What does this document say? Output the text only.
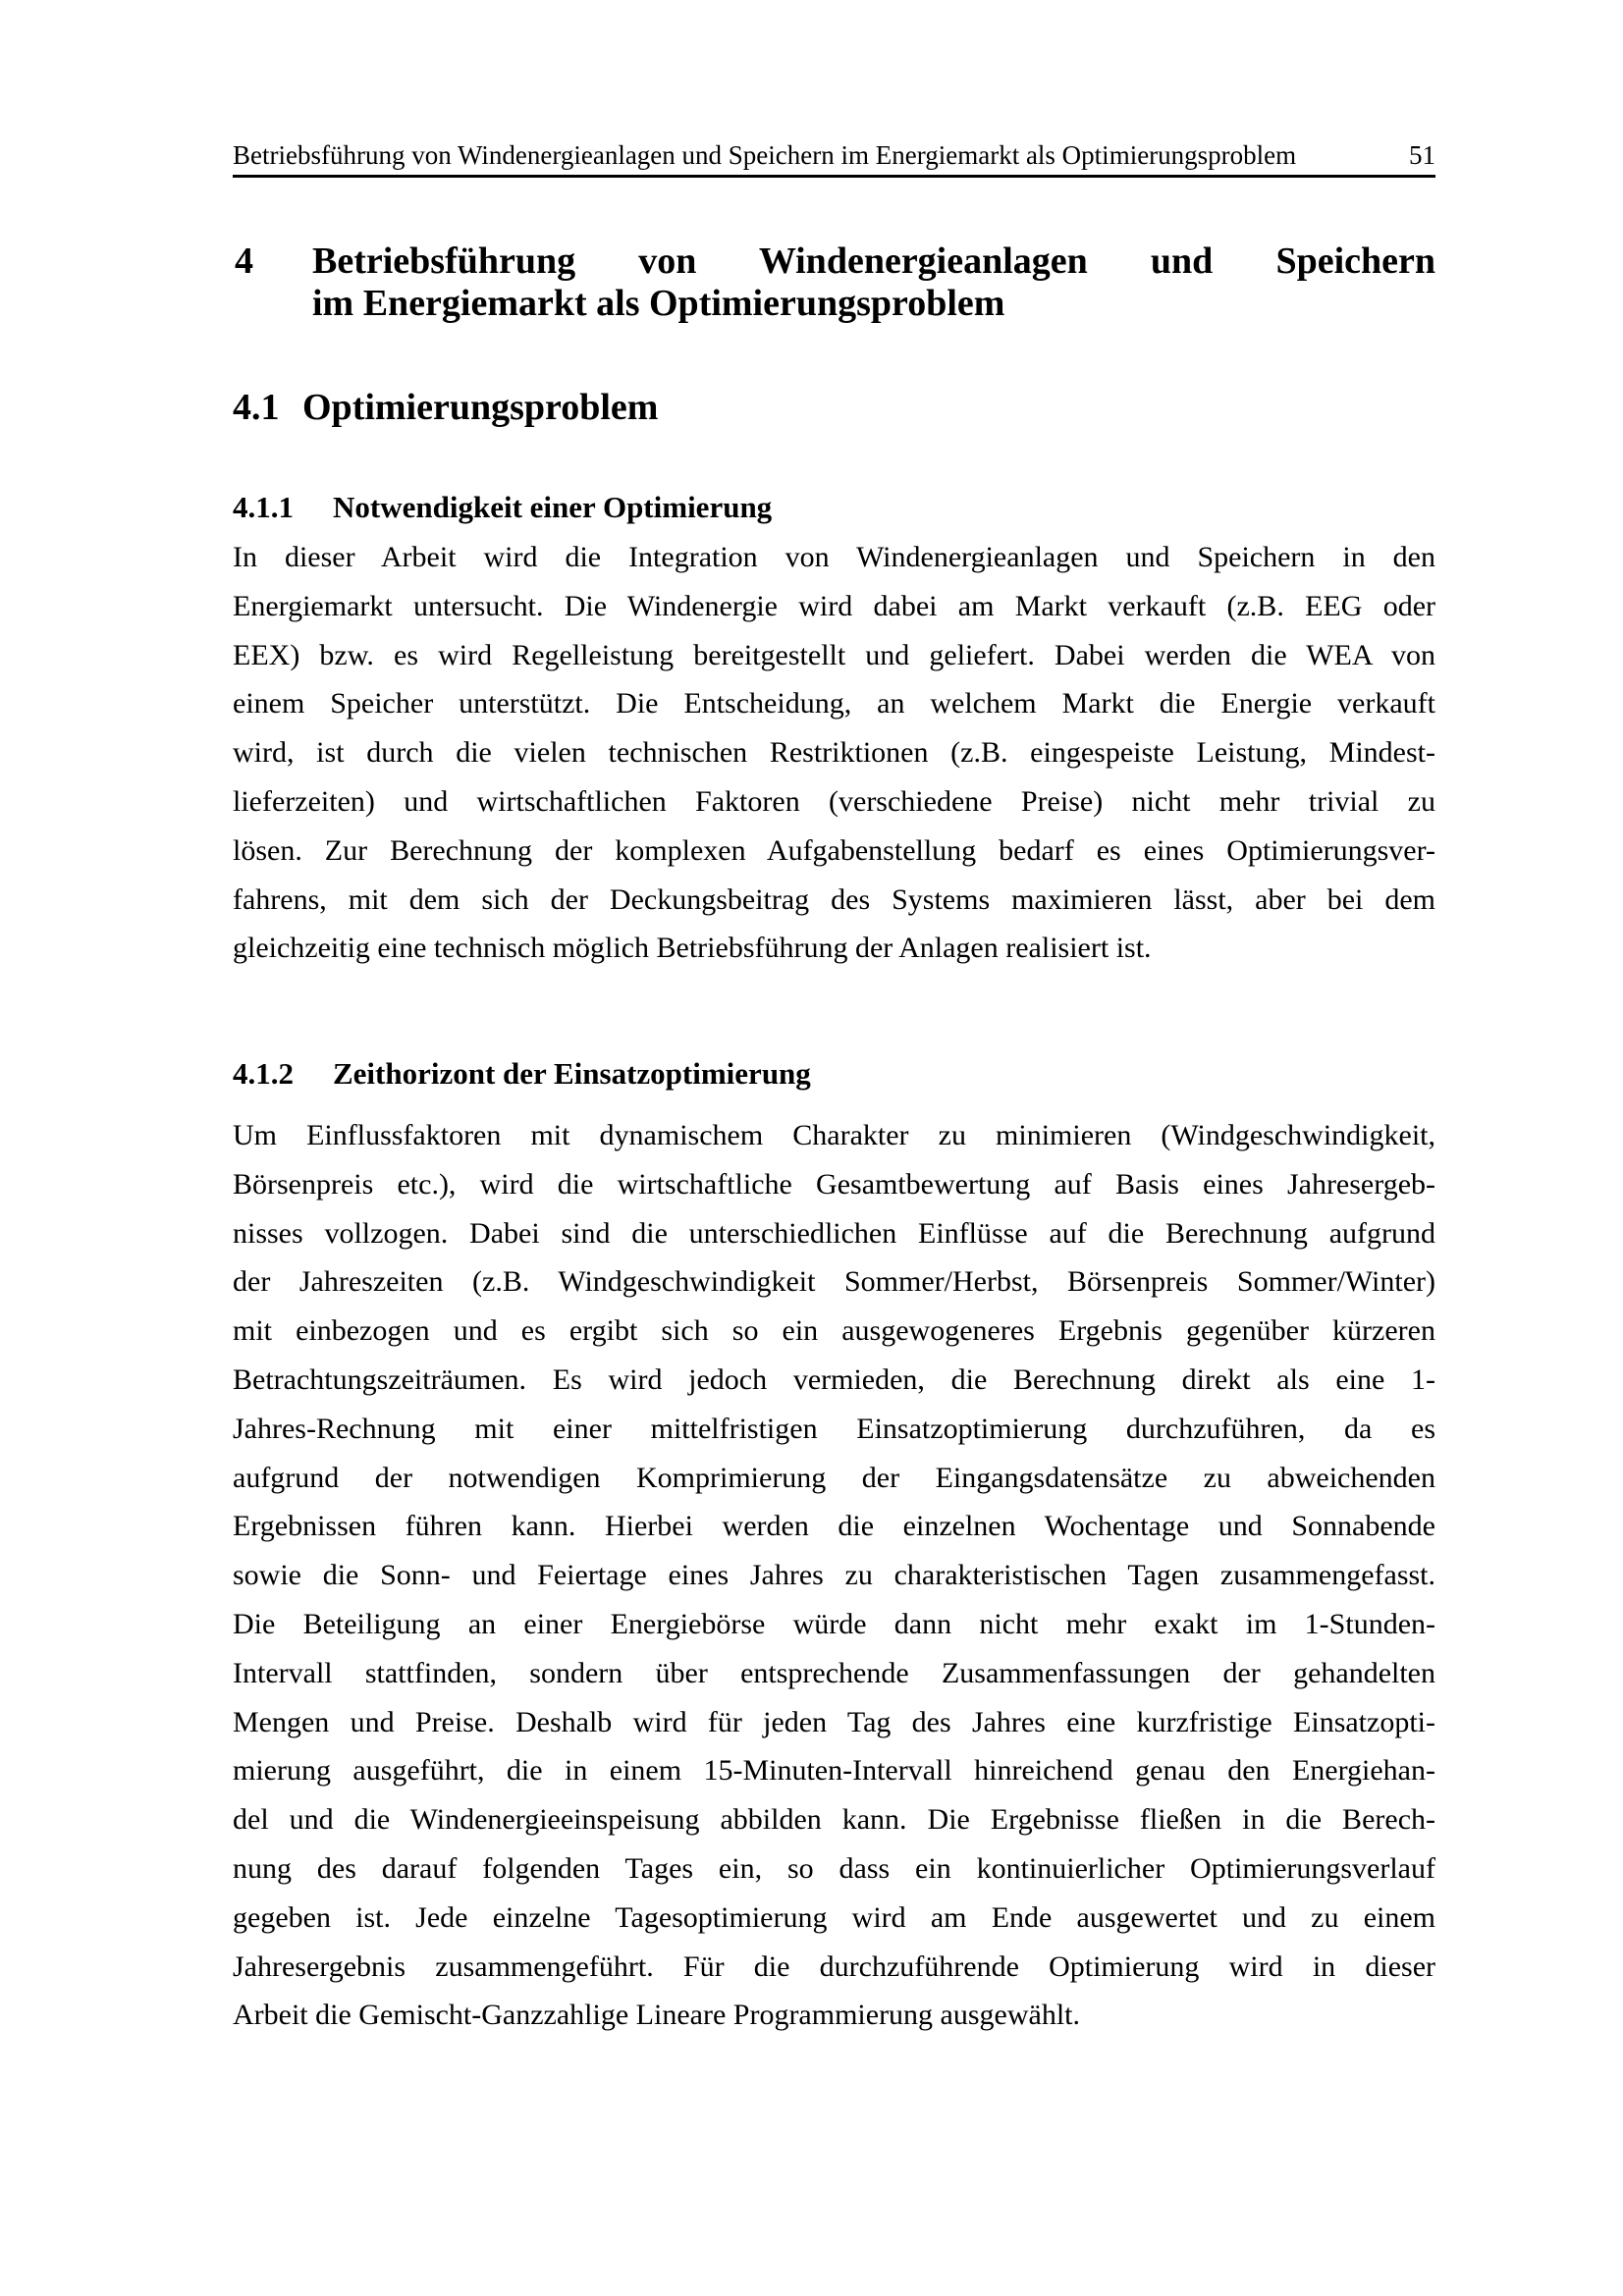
Betriebsführung von Windenergieanlagen und Speichern im Energiemarkt als Optimierungsproblem	51
4 Betriebsführung von Windenergieanlagen und Speichern
im Energiemarkt als Optimierungsproblem
4.1 Optimierungsproblem
4.1.1	Notwendigkeit einer Optimierung
In dieser Arbeit wird die Integration von Windenergieanlagen und Speichern in den
Energiemarkt untersucht. Die Windenergie wird dabei am Markt verkauft (z.B. EEG oder
EEX) bzw. es wird Regelleistung bereitgestellt und geliefert. Dabei werden die WEA von
einem Speicher unterstützt. Die Entscheidung, an welchem Markt die Energie verkauft
wird, ist durch die vielen technischen Restriktionen (z.B. eingespeiste Leistung, Mindest-
lieferzeiten) und wirtschaftlichen Faktoren (verschiedene Preise) nicht mehr trivial zu
lösen. Zur Berechnung der komplexen Aufgabenstellung bedarf es eines Optimierungsver-
fahrens, mit dem sich der Deckungsbeitrag des Systems maximieren lässt, aber bei dem
gleichzeitig eine technisch möglich Betriebsführung der Anlagen realisiert ist.
4.1.2	Zeithorizont der Einsatzoptimierung
Um Einflussfaktoren mit dynamischem Charakter zu minimieren (Windgeschwindigkeit,
Börsenpreis etc.), wird die wirtschaftliche Gesamtbewertung auf Basis eines Jahresergeb-
nisses vollzogen. Dabei sind die unterschiedlichen Einflüsse auf die Berechnung aufgrund
der Jahreszeiten (z.B. Windgeschwindigkeit Sommer/Herbst, Börsenpreis Sommer/Winter)
mit einbezogen und es ergibt sich so ein ausgewogeneres Ergebnis gegenüber kürzeren
Betrachtungszeiträumen. Es wird jedoch vermieden, die Berechnung direkt als eine 1-
Jahres-Rechnung mit einer mittelfristigen Einsatzoptimierung durchzuführen, da es
aufgrund der notwendigen Komprimierung der Eingangsdatensätze zu abweichenden
Ergebnissen führen kann. Hierbei werden die einzelnen Wochentage und Sonnabende
sowie die Sonn- und Feiertage eines Jahres zu charakteristischen Tagen zusammengefasst.
Die Beteiligung an einer Energiebörse würde dann nicht mehr exakt im 1-Stunden-
Intervall stattfinden, sondern über entsprechende Zusammenfassungen der gehandelten
Mengen und Preise. Deshalb wird für jeden Tag des Jahres eine kurzfristige Einsatzopti-
mierung ausgeführt, die in einem 15-Minuten-Intervall hinreichend genau den Energiehan-
del und die Windenergieeinspeisung abbilden kann. Die Ergebnisse fließen in die Berech-
nung des darauf folgenden Tages ein, so dass ein kontinuierlicher Optimierungsverlauf
gegeben ist. Jede einzelne Tagesoptimierung wird am Ende ausgewertet und zu einem
Jahresergebnis zusammengeführt. Für die durchzuführende Optimierung wird in dieser
Arbeit die Gemischt-Ganzzahlige Lineare Programmierung ausgewählt.
